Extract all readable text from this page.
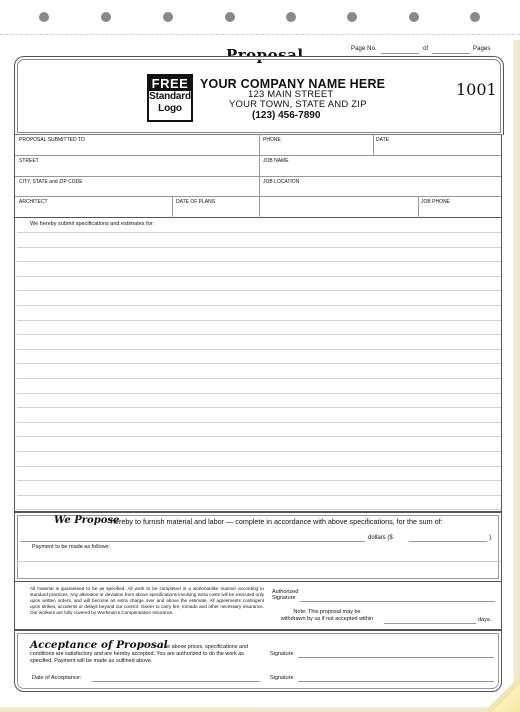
Proposal	Page No.	of	Pages
FREE
Standard
Logo
YOUR COMPANY NAME HERE
123 MAIN STREET
YOUR TOWN, STATE AND ZIP
(123) 456-7890
1001
PROPOSAL SUBMITTED TO	PHONE	DATE
STREET	JOB NAME
CITY, STATE and ZIP CODE	JOB LOCATION
ARCHITECT	DATE OF PLANS	JOB PHONE
We hereby submit specifications and estimates for:
We Propose
hereby to furnish material and labor — complete in accordance with above specifications, for the sum of:
dollars ($	).
Payment to be made as follows:
All material is guaranteed to be as specified. All work to be completed in a workmanlike manner according to standard practices. Any alteration or deviation from above specifications involving extra costs will be executed only upon written orders, and will become an extra charge over and above the estimate. All agreements contingent upon strikes, accidents or delays beyond our control. Owner to carry fire, tornado and other necessary insurance. Our workers are fully covered by Workman's Compensation Insurance.
Authorized
Signature
Note: This proposal may be
withdrawn by us if not accepted within	days.
Acceptance of Proposal
— The above prices, specifications and conditions are satisfactory and are hereby accepted. You are authorized to do the work as specified. Payment will be made as outlined above.
Signature
Date of Acceptance:	Signature
